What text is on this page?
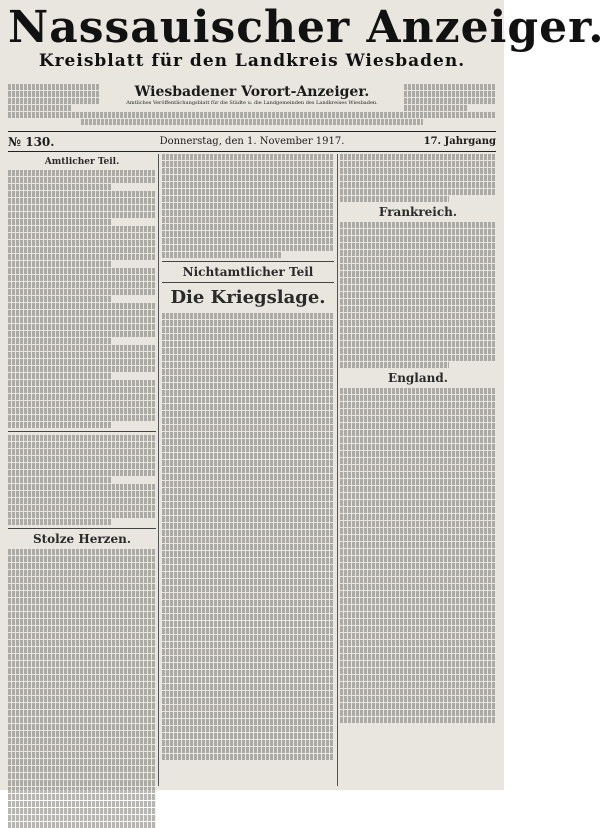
Nassauischer Anzeiger.
Kreisblatt für den Landkreis Wiesbaden.
Wiesbadener Vorort-Anzeiger.
Amtliches Veröffentlichungsblatt für die Städte u. die Landgemeinden des Landkreises Wiesbaden.
№ 130.	Donnerstag, den 1. November 1917.	17. Jahrgang
Amtlicher Teil.
Stolze Herzen.
Nichtamtlicher Teil
Die Kriegslage.
Frankreich.
England.
